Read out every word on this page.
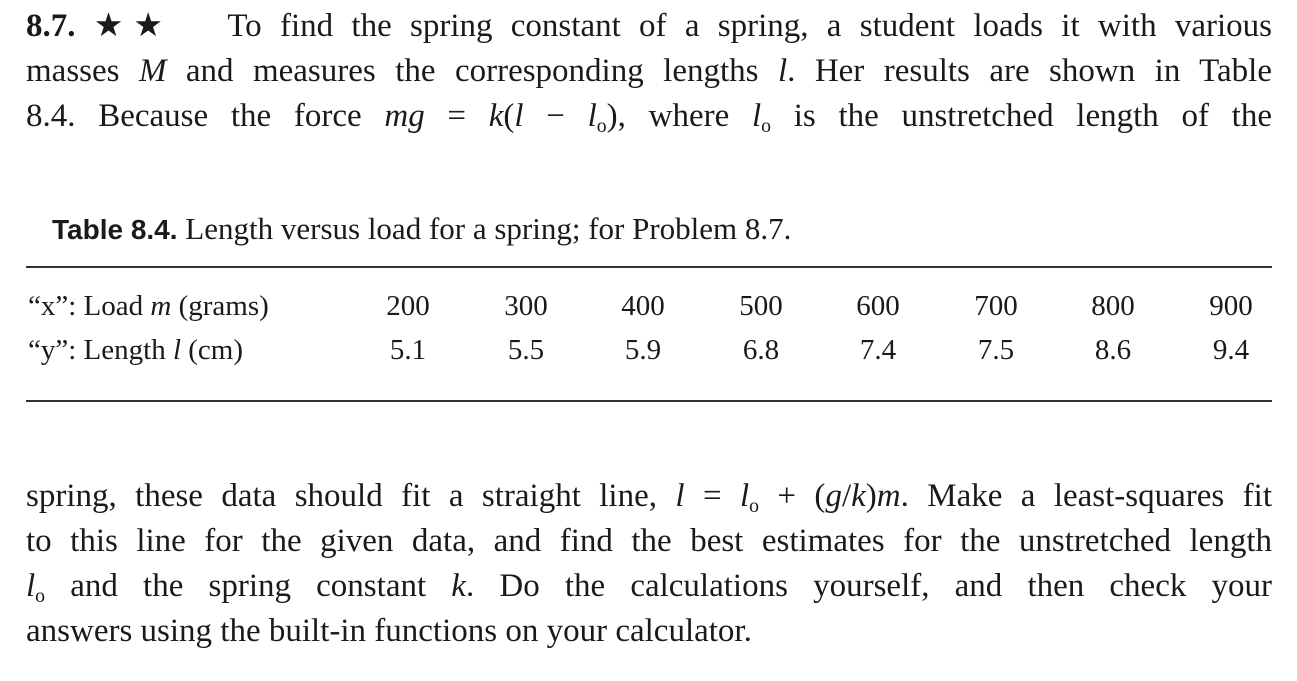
8.7. ★★ To find the spring constant of a spring, a student loads it with various
masses M and measures the corresponding lengths l. Her results are shown in Table
8.4. Because the force mg = $k(l - l_o)$, where $l_o$ is the unstretched length of the
Table 8.4. Length versus load for a spring; for Problem 8.7.
“x”: Load m (grams)	200	300	400	500	600	700	800	900
“y”: Length l (cm)	5.1	5.5	5.9	6.8	7.4	7.5	8.6	9.4
spring, these data should fit a straight line, $l = l_o + (g/k)m$. Make a least-squares fit
to this line for the given data, and find the best estimates for the unstretched length
$l_o$ and the spring constant k. Do the calculations yourself, and then check your
answers using the built-in functions on your calculator.
